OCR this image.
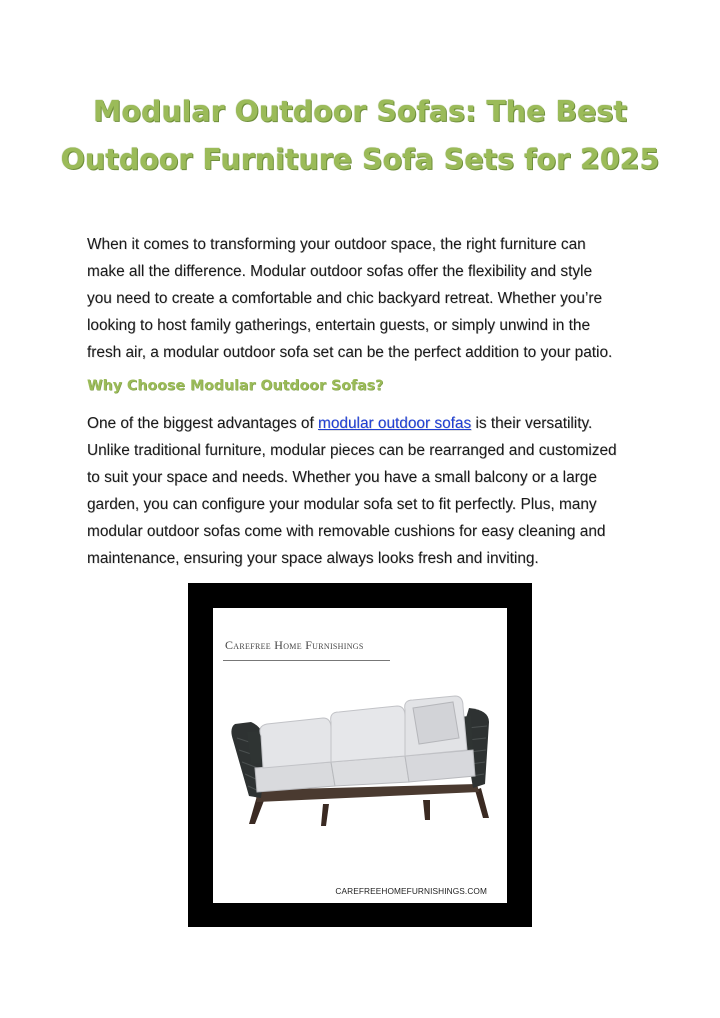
Modular Outdoor Sofas: The Best
Outdoor Furniture Sofa Sets for 2025

When it comes to transforming your outdoor space, the right furniture can
make all the difference. Modular outdoor sofas offer the flexibility and style
you need to create a comfortable and chic backyard retreat. Whether you’re
looking to host family gatherings, entertain guests, or simply unwind in the
fresh air, a modular outdoor sofa set can be the perfect addition to your patio.

Why Choose Modular Outdoor Sofas?

One of the biggest advantages of modular outdoor sofas is their versatility.
Unlike traditional furniture, modular pieces can be rearranged and customized
to suit your space and needs. Whether you have a small balcony or a large
garden, you can configure your modular sofa set to fit perfectly. Plus, many
modular outdoor sofas come with removable cushions for easy cleaning and
maintenance, ensuring your space always looks fresh and inviting.

Carefree Home Furnishings
CAREFREEHOMEFURNISHINGS.COM
